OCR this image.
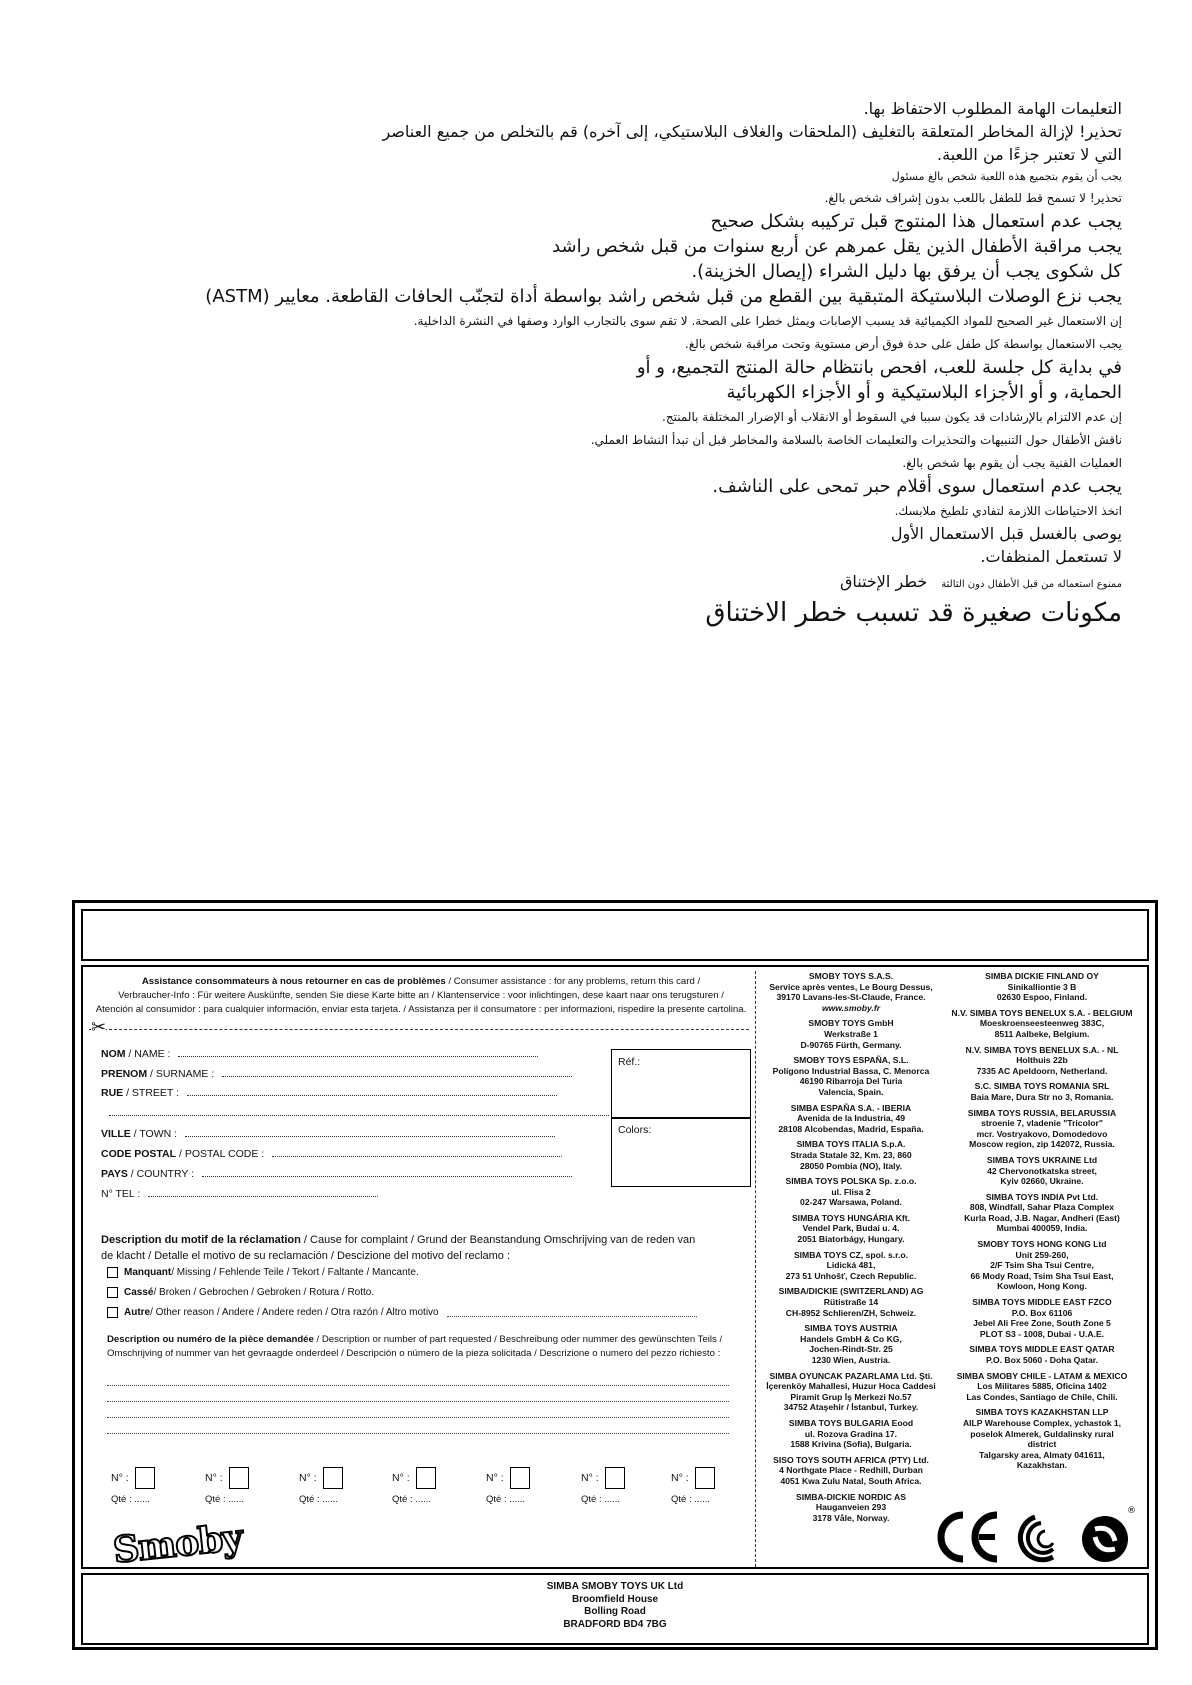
التعليمات الهامة المطلوب الاحتفاظ بها.
تحذير! لإزالة المخاطر المتعلقة بالتغليف (الملحقات والغلاف البلاستيكي، إلى آخره) قم بالتخلص من جميع العناصر
التي لا تعتبر جزءًا من اللعبة.
يجب أن يقوم بتجميع هذه اللعبة شخص بالغ مسئول
تحذير! لا تسمح قط للطفل باللعب بدون إشراف شخص بالغ.
يجب عدم استعمال هذا المنتوج قبل تركيبه بشكل صحيح
يجب مراقبة الأطفال الذين يقل عمرهم عن أربع سنوات من قبل شخص راشد
كل شكوى يجب أن يرفق بها دليل الشراء (إيصال الخزينة).
يجب نزع الوصلات البلاستيكة المتبقية بين القطع من قبل شخص راشد بواسطة أداة لتجنّب الحافات القاطعة. معايير (ASTM)
إن الاستعمال غير الصحيح للمواد الكيميائية قد يسبب الإصابات ويمثل خطرا على الصحة. لا تقم سوى بالتجارب الوارد وصفها في النشرة الداخلية.
يجب الاستعمال بواسطة كل طفل على حدة فوق أرض مستوية وتحت مراقبة شخص بالغ.
في بداية كل جلسة للعب، افحص بانتظام حالة المنتج التجميع، و أو
الحماية، و أو الأجزاء البلاستيكية و أو الأجزاء الكهربائية
إن عدم الالتزام بالإرشادات قد يكون سببا في السقوط أو الانقلاب أو الإضرار المختلفة بالمنتج.
ناقش الأطفال حول التنبيهات والتحذيرات والتعليمات الخاصة بالسلامة والمخاطر قبل أن تبدأ النشاط العملي.
العمليات الفنية يجب أن يقوم بها شخص بالغ.
يجب عدم استعمال سوى أقلام حبر تمحى على الناشف.
اتخذ الاحتياطات اللازمة لتفادي تلطيخ ملابسك.
يوصى بالغسل قبل الاستعمال الأول
لا تستعمل المنظفات.
ممنوع استعماله من قبل الأطفال دون الثالثة
خطر الإختناق
مكونات صغيرة قد تسبب خطر الاختناق
Assistance consommateurs à nous retourner en cas de problèmes / Consumer assistance : for any problems, return this card /
Verbraucher-Info : Für weitere Auskünfte, senden Sie diese Karte bitte an / Klantenservice : voor inlichtingen, dese kaart naar ons terugsturen /
Atención al consumidor : para cualquier información, enviar esta tarjeta. / Assistanza per il consumatore : per informazioni, rispedire la presente cartolina.
✂
NOM / NAME :
PRENOM / SURNAME :
RUE / STREET :
VILLE / TOWN :
CODE POSTAL / POSTAL CODE :
PAYS / COUNTRY :
N° TEL :
Réf.:
Colors:
Description du motif de la réclamation / Cause for complaint / Grund der Beanstandung Omschrijving van de reden van de klacht / Detalle el motivo de su reclamación / Descizione del motivo del reclamo :
Manquant / Missing / Fehlende Teile / Tekort / Faltante / Mancante.
Cassé / Broken / Gebrochen / Gebroken / Rotura / Rotto.
Autre / Other reason / Andere / Andere reden / Otra razón / Altro motivo
Description ou numéro de la pièce demandée / Description or number of part requested / Beschreibung oder nummer des gewünschten Teils / Omschrijving of nummer van het gevraagde onderdeel / Descripción o número de la pieza solicitada / Descrizione o numero del pezzo richiesto :
N° :
Qté : ......
N° :
Qté : ......
N° :
Qté : ......
N° :
Qté : ......
N° :
Qté : ......
N° :
Qté : ......
N° :
Qté : ......
Smoby
SMOBY TOYS S.A.S.
Service après ventes, Le Bourg Dessus,
39170 Lavans-les-St-Claude, France.
www.smoby.fr
SMOBY TOYS GmbH
Werkstraße 1
D-90765 Fürth, Germany.
SMOBY TOYS ESPAÑA, S.L.
Polígono Industrial Bassa, C. Menorca
46190 Ribarroja Del Turia
Valencia, Spain.
SIMBA ESPAÑA S.A. - IBERIA
Avenida de la Industria, 49
28108 Alcobendas, Madrid, España.
SIMBA TOYS ITALIA S.p.A.
Strada Statale 32, Km. 23, 860
28050 Pombia (NO), Italy.
SIMBA TOYS POLSKA Sp. z.o.o.
ul. Flisa 2
02-247 Warsawa, Poland.
SIMBA TOYS HUNGÁRIA Kft.
Vendel Park, Budai u. 4.
2051 Biatorbágy, Hungary.
SIMBA TOYS CZ, spol. s.r.o.
Lidická 481,
273 51 Unhošť, Czech Republic.
SIMBA/DICKIE (SWITZERLAND) AG
Rütistraße 14
CH-8952 Schlieren/ZH, Schweiz.
SIMBA TOYS AUSTRIA
Handels GmbH & Co KG,
Jochen-Rindt-Str. 25
1230 Wien, Austria.
SIMBA OYUNCAK PAZARLAMA Ltd. Şti.
İçerenköy Mahallesi, Huzur Hoca Caddesi
Piramit Grup İş Merkezi No.57
34752 Ataşehir / İstanbul, Turkey.
SIMBA TOYS BULGARIA Eood
ul. Rozova Gradina 17.
1588 Krivina (Sofia), Bulgaria.
SISO TOYS SOUTH AFRICA (PTY) Ltd.
4 Northgate Place - Redhill, Durban
4051 Kwa Zulu Natal, South Africa.
SIMBA-DICKIE NORDIC AS
Hauganveien 293
3178 Våle, Norway.
SIMBA DICKIE FINLAND OY
Sinikalliontie 3 B
02630 Espoo, Finland.
N.V. SIMBA TOYS BENELUX S.A. - BELGIUM
Moeskroenseesteenweg 383C,
8511 Aalbeke, Belgium.
N.V. SIMBA TOYS BENELUX S.A. - NL
Holthuis 22b
7335 AC Apeldoorn, Netherland.
S.C. SIMBA TOYS ROMANIA SRL
Baia Mare, Dura Str no 3, Romania.
SIMBA TOYS RUSSIA, BELARUSSIA
stroenie 7, vladenie "Tricolor"
mcr. Vostryakovo, Domodedovo
Moscow region, zip 142072, Russia.
SIMBA TOYS UKRAINE Ltd
42 Chervonotkatska street,
Kyiv 02660, Ukraine.
SIMBA TOYS INDIA Pvt Ltd.
808, Windfall, Sahar Plaza Complex
Kurla Road, J.B. Nagar, Andheri (East)
Mumbai 400059, India.
SMOBY TOYS HONG KONG Ltd
Unit 259-260,
2/F Tsim Sha Tsui Centre,
66 Mody Road, Tsim Sha Tsui East,
Kowloon, Hong Kong.
SIMBA TOYS MIDDLE EAST FZCO
P.O. Box 61106
Jebel Ali Free Zone, South Zone 5
PLOT S3 - 1008, Dubai - U.A.E.
SIMBA TOYS MIDDLE EAST QATAR
P.O. Box 5060 - Doha Qatar.
SIMBA SMOBY CHILE - LATAM & MEXICO
Los Militares 5885, Oficina 1402
Las Condes, Santiago de Chile, Chili.
SIMBA TOYS KAZAKHSTAN LLP
AILP Warehouse Complex, ychastok 1,
poselok Almerek, Guldalinsky rural
district
Talgarsky area, Almaty 041611,
Kazakhstan.
®
SIMBA SMOBY TOYS UK Ltd
Broomfield House
Bolling Road
BRADFORD BD4 7BG
